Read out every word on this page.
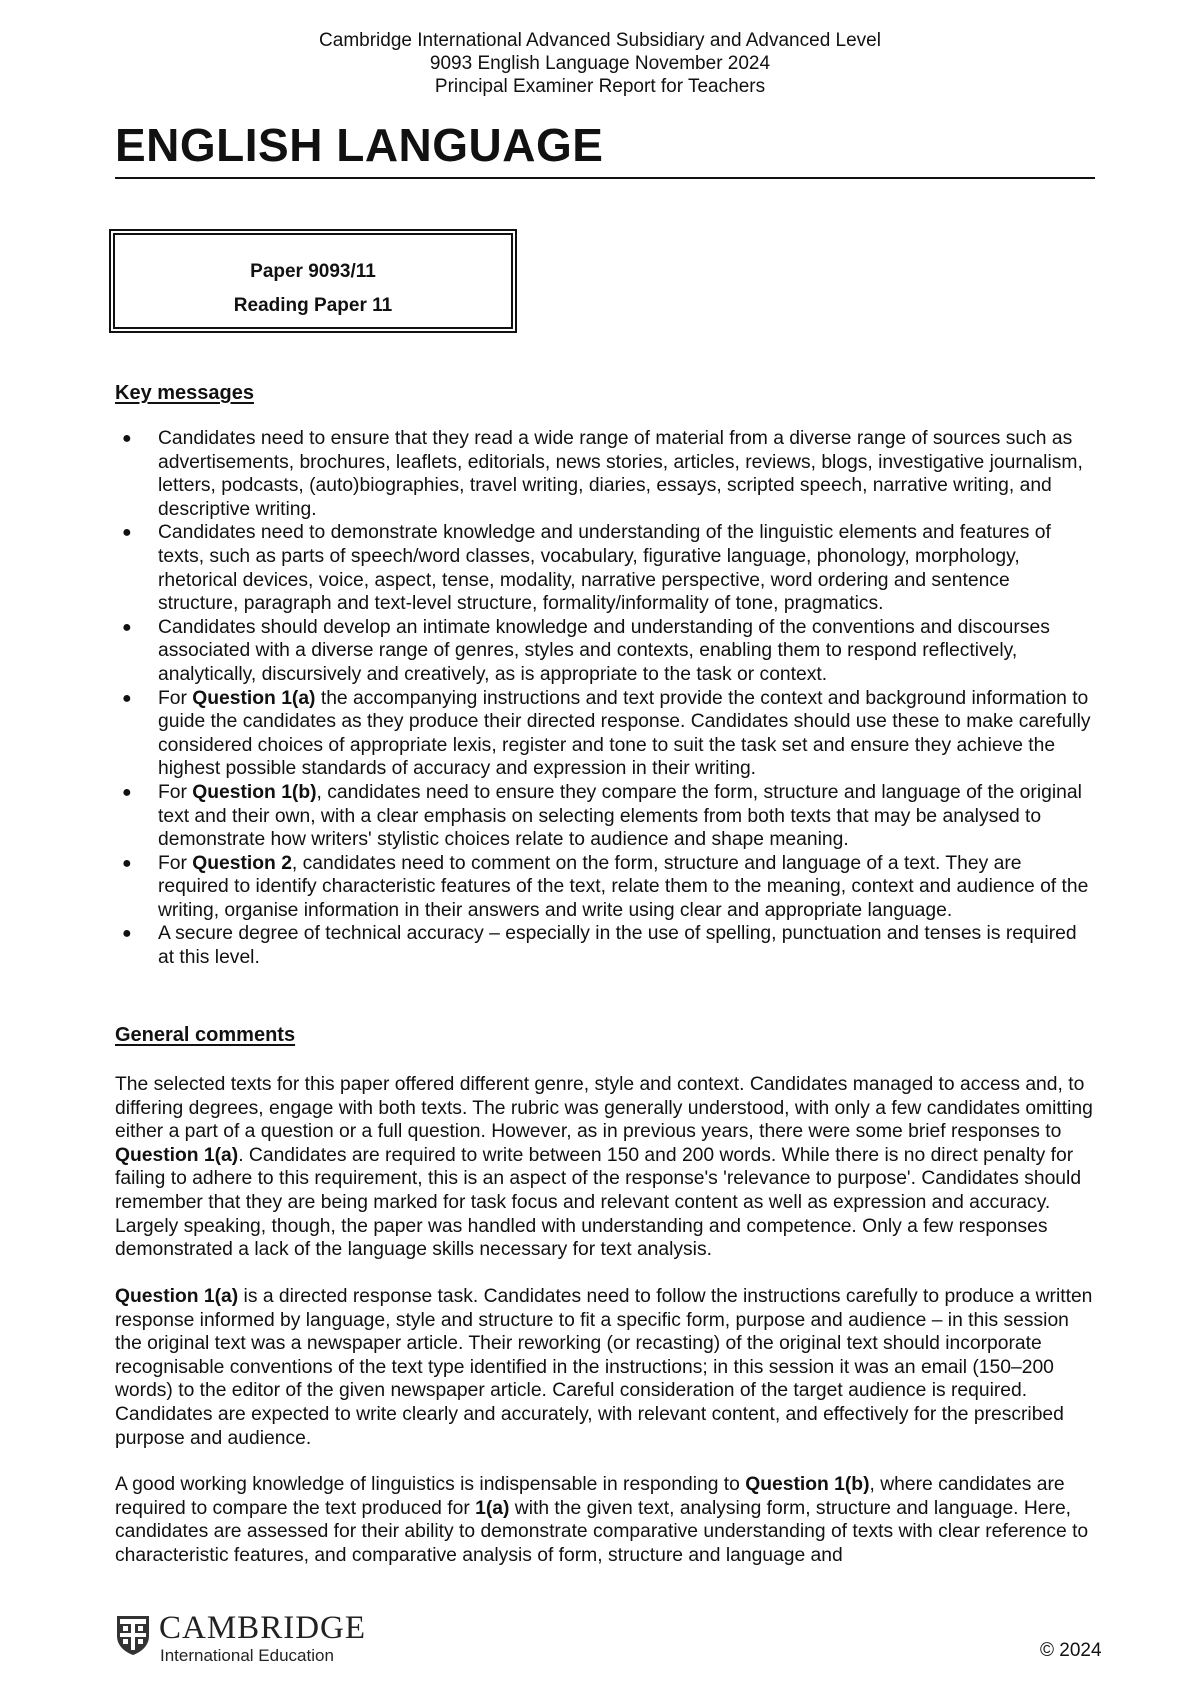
Cambridge International Advanced Subsidiary and Advanced Level
9093 English Language November 2024
Principal Examiner Report for Teachers
ENGLISH LANGUAGE
Paper 9093/11
Reading Paper 11
Key messages
● Candidates need to ensure that they read a wide range of material from a diverse range of sources such as advertisements, brochures, leaflets, editorials, news stories, articles, reviews, blogs, investigative journalism, letters, podcasts, (auto)biographies, travel writing, diaries, essays, scripted speech, narrative writing, and descriptive writing.
● Candidates need to demonstrate knowledge and understanding of the linguistic elements and features of texts, such as parts of speech/word classes, vocabulary, figurative language, phonology, morphology, rhetorical devices, voice, aspect, tense, modality, narrative perspective, word ordering and sentence structure, paragraph and text-level structure, formality/informality of tone, pragmatics.
● Candidates should develop an intimate knowledge and understanding of the conventions and discourses associated with a diverse range of genres, styles and contexts, enabling them to respond reflectively, analytically, discursively and creatively, as is appropriate to the task or context.
● For Question 1(a) the accompanying instructions and text provide the context and background information to guide the candidates as they produce their directed response. Candidates should use these to make carefully considered choices of appropriate lexis, register and tone to suit the task set and ensure they achieve the highest possible standards of accuracy and expression in their writing.
● For Question 1(b), candidates need to ensure they compare the form, structure and language of the original text and their own, with a clear emphasis on selecting elements from both texts that may be analysed to demonstrate how writers' stylistic choices relate to audience and shape meaning.
● For Question 2, candidates need to comment on the form, structure and language of a text. They are required to identify characteristic features of the text, relate them to the meaning, context and audience of the writing, organise information in their answers and write using clear and appropriate language.
● A secure degree of technical accuracy – especially in the use of spelling, punctuation and tenses is required at this level.
General comments

The selected texts for this paper offered different genre, style and context. Candidates managed to access and, to differing degrees, engage with both texts. The rubric was generally understood, with only a few candidates omitting either a part of a question or a full question. However, as in previous years, there were some brief responses to Question 1(a). Candidates are required to write between 150 and 200 words. While there is no direct penalty for failing to adhere to this requirement, this is an aspect of the response's 'relevance to purpose'. Candidates should remember that they are being marked for task focus and relevant content as well as expression and accuracy. Largely speaking, though, the paper was handled with understanding and competence. Only a few responses demonstrated a lack of the language skills necessary for text analysis.

Question 1(a) is a directed response task. Candidates need to follow the instructions carefully to produce a written response informed by language, style and structure to fit a specific form, purpose and audience – in this session the original text was a newspaper article. Their reworking (or recasting) of the original text should incorporate recognisable conventions of the text type identified in the instructions; in this session it was an email (150–200 words) to the editor of the given newspaper article. Careful consideration of the target audience is required. Candidates are expected to write clearly and accurately, with relevant content, and effectively for the prescribed purpose and audience.

A good working knowledge of linguistics is indispensable in responding to Question 1(b), where candidates are required to compare the text produced for 1(a) with the given text, analysing form, structure and language. Here, candidates are assessed for their ability to demonstrate comparative understanding of texts with clear reference to characteristic features, and comparative analysis of form, structure and language and

CAMBRIDGE
International Education	© 2024
